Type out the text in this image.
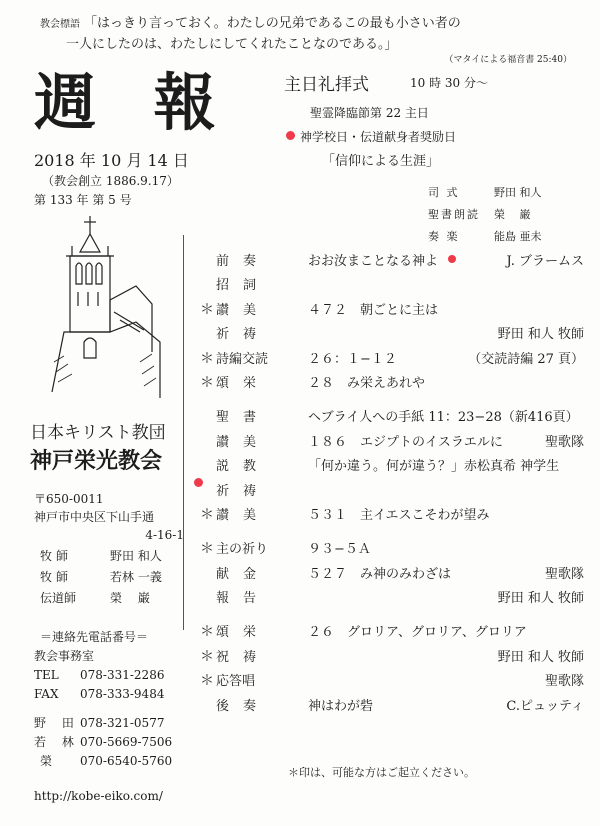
教会標語 「はっきり言っておく。わたしの兄弟であるこの最も小さい者の
一人にしたのは、わたしにしてくれたことなのである。」
（マタイによる福音書 25:40）
週 報
2018 年 10 月 14 日
（教会創立 1886.9.17）
第 133 年 第 5 号
主日礼拝式	10 時 30 分〜
聖霊降臨節第 22 主日
神学校日・伝道献身者奨励日
「信仰による生涯」
司 式	野田 和人
聖書朗読 榮　 巌
奏 楽	能島 亜未
日本キリスト教団
神戸栄光教会
〒650-0011
神戸市中央区下山手通
4-16-1
牧師	野田 和人
牧師	若林 一義
伝道師	榮　 巌
＝連絡先電話番号＝
教会事務室
TEL 078-331-2286
FAX 078-333-9484
野 田078-321-0577
若 林070-5669-7506
榮 070-6540-5760
http://kobe-eiko.com/
前奏	おお汝まことなる神よ	J. ブラームス
招詞
＊ 讃美	４７２　朝ごとに主は
祈祷	野田 和人 牧師
＊ 詩編交読	２６：１−１２	（交読詩編 27 頁）
＊ 頌栄	２８　み栄えあれや
聖書	ヘブライ人への手紙 11：23−28（新416頁）
讃美	１８６　エジプトのイスラエルに	聖歌隊
説教	「何か違う。何が違う？」赤松真希 神学生
祈祷
＊ 讃美	５３１　主イエスこそわが望み
＊ 主の祈り	９３−５Ａ
献金	５２７　み神のみわざは	聖歌隊
報告	野田 和人 牧師
＊ 頌栄	２６　グロリア、グロリア、グロリア
＊ 祝祷	野田 和人 牧師
＊ 応答唱	聖歌隊
後奏	神はわが砦	C.ピュッティ
＊印は、可能な方はご起立ください。
